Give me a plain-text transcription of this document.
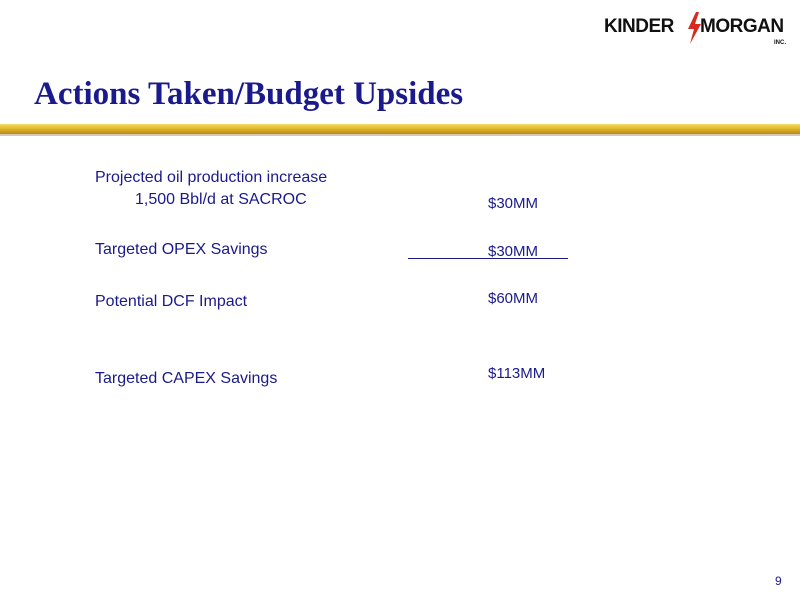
KINDER MORGAN
INC.
Actions Taken/Budget Upsides
Projected oil production increase
1,500 Bbl/d at SACROC	$30MM
Targeted OPEX Savings	$30MM
Potential DCF Impact	$60MM
Targeted CAPEX Savings	$113MM
9
